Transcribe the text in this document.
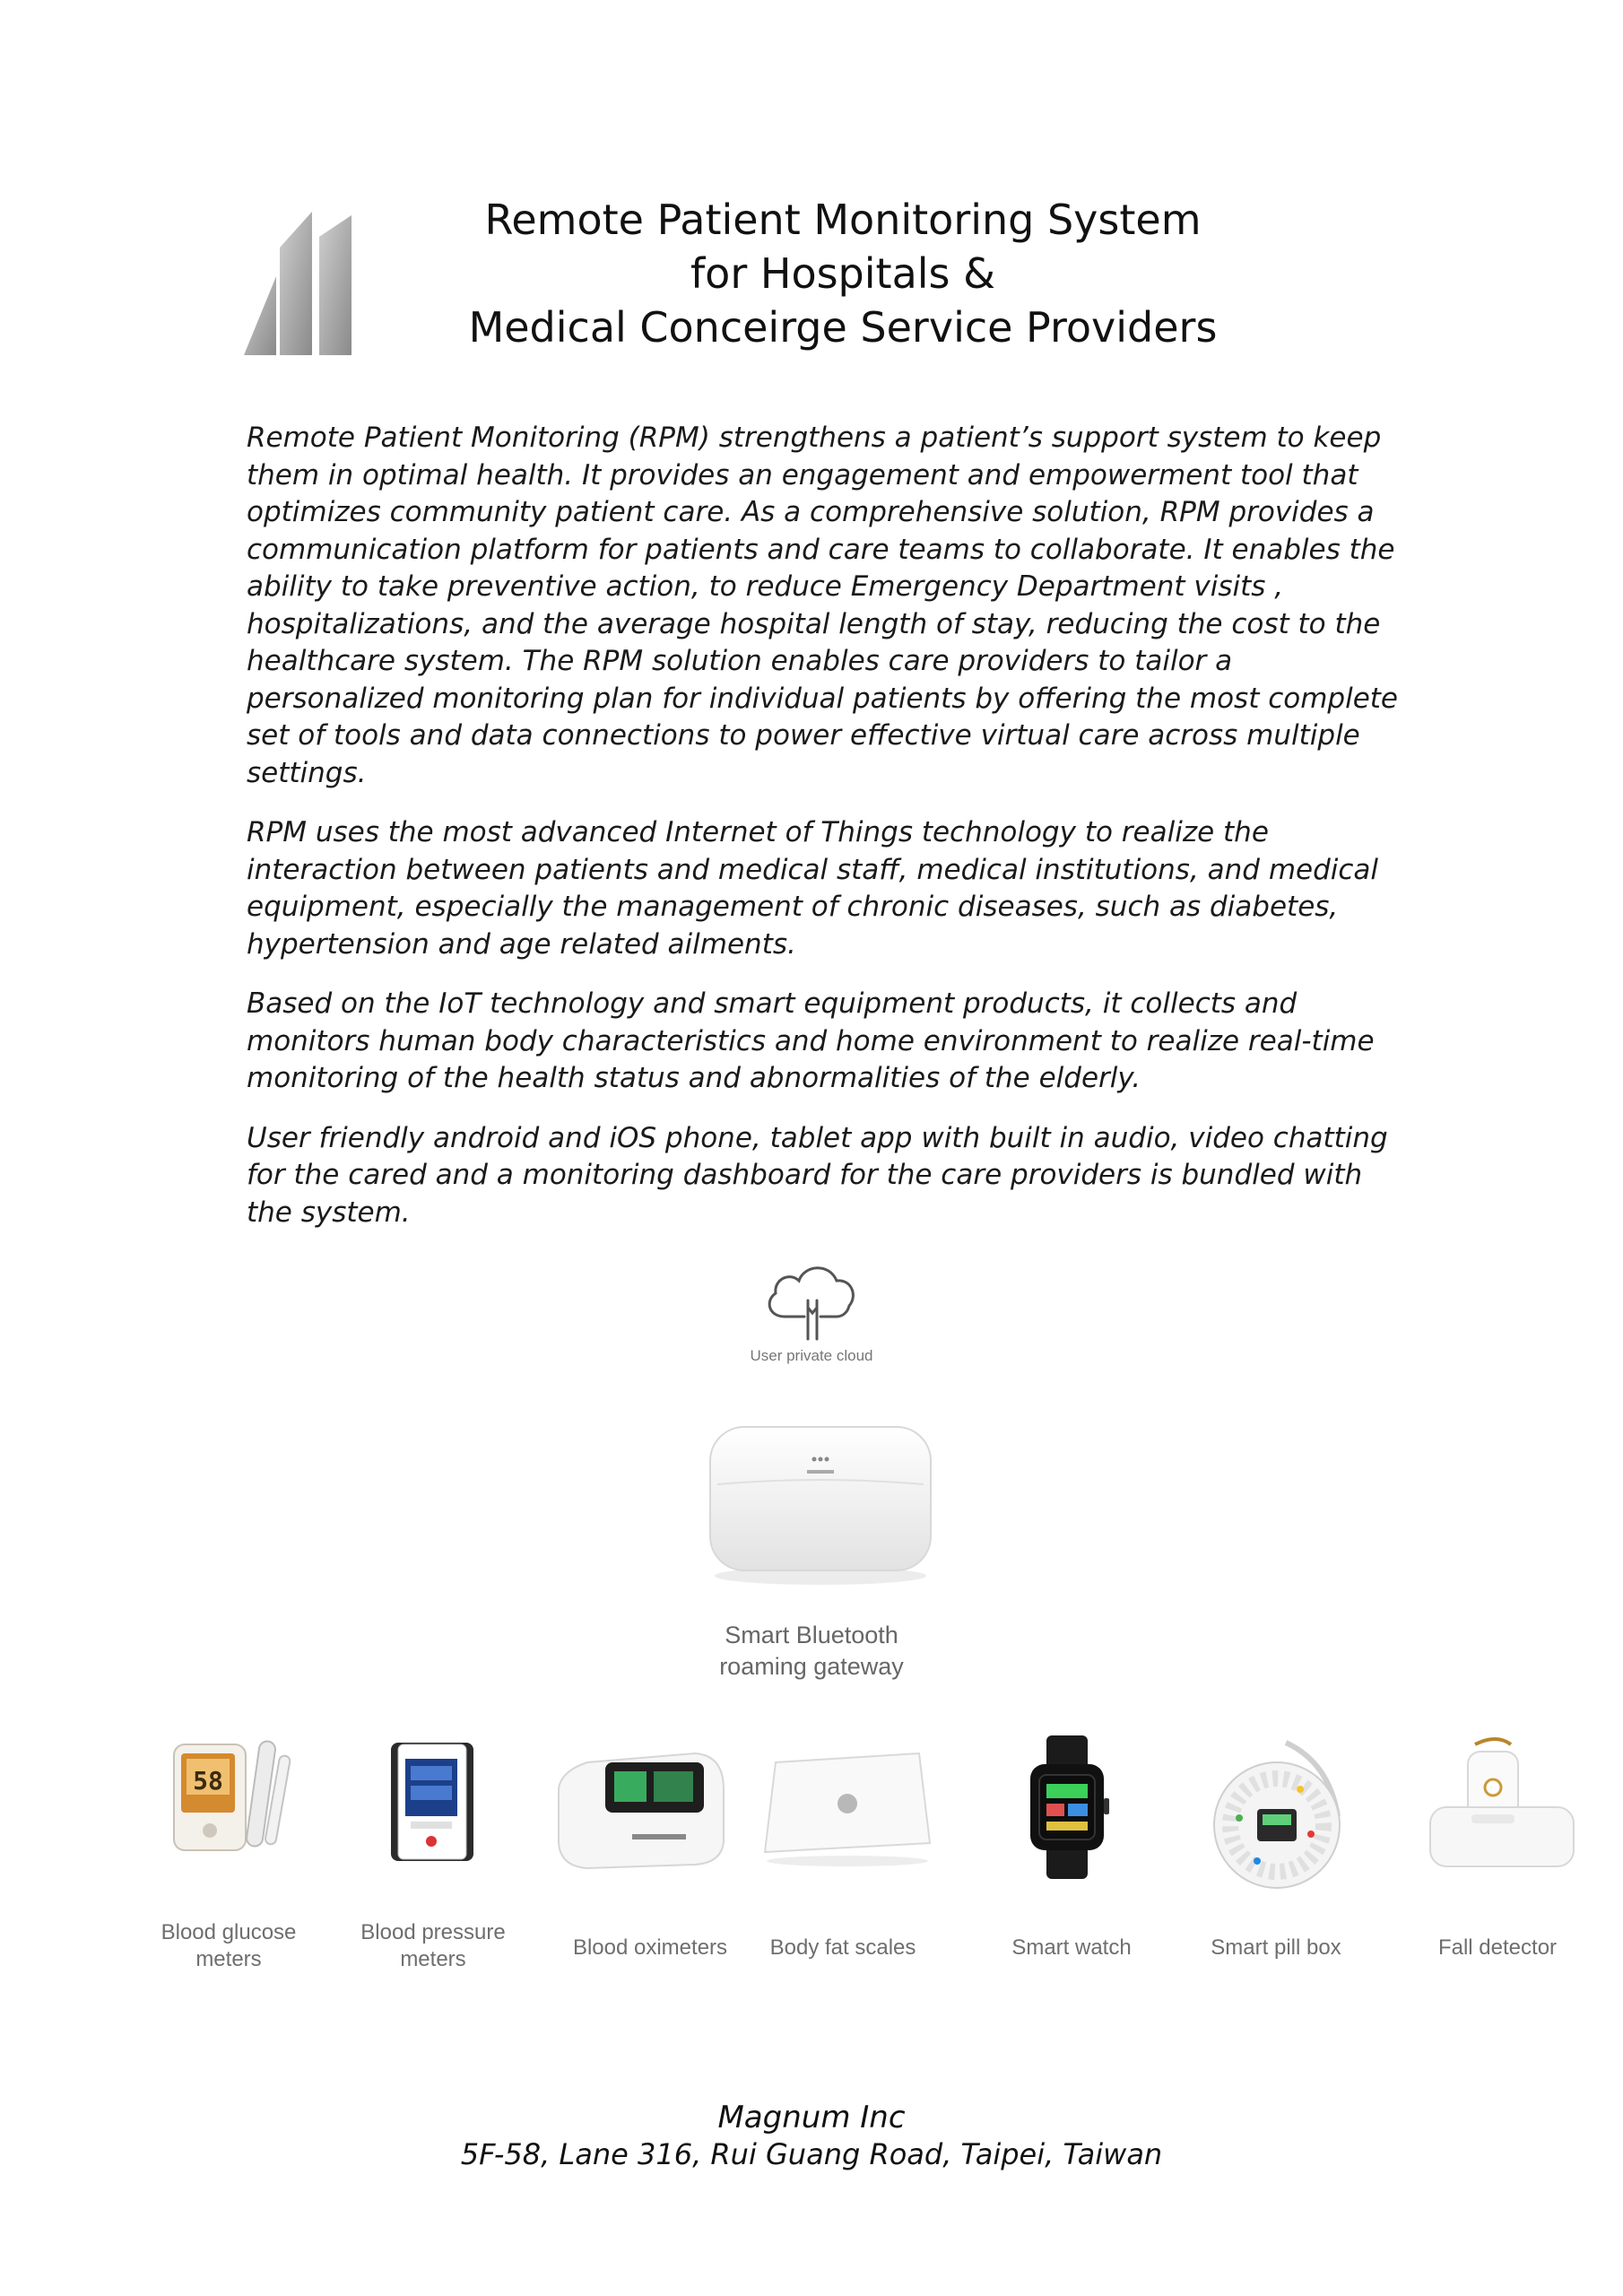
Remote Patient Monitoring System
for Hospitals &
Medical Conceirge Service Providers

Remote Patient Monitoring (RPM) strengthens a patient’s support system to keep them in optimal health. It provides an engagement and empowerment tool that optimizes community patient care. As a comprehensive solution, RPM provides a communication platform for patients and care teams to collaborate. It enables the ability to take preventive action, to reduce Emergency Department visits , hospitalizations, and the average hospital length of stay, reducing the cost to the healthcare system. The RPM solution enables care providers to tailor a personalized monitoring plan for individual patients by offering the most complete set of tools and data connections to power effective virtual care across multiple settings.

RPM uses the most advanced Internet of Things technology to realize the interaction between patients and medical staff, medical institutions, and medical equipment, especially the management of chronic diseases, such as diabetes, hypertension and age related ailments.

Based on the IoT technology and smart equipment products, it collects and monitors human body characteristics and home environment to realize real-time monitoring of the health status and abnormalities of the elderly.

User friendly android and iOS phone, tablet app with built in audio, video chatting for the cared and a monitoring dashboard for the care providers is bundled with the system.

User private cloud
Smart Bluetooth
roaming gateway
58
Blood glucose
meters
Blood pressure
meters	Blood oximeters	Body fat scales	Smart watch	Smart pill box	Fall detector
Magnum Inc
5F-58, Lane 316, Rui Guang Road, Taipei, Taiwan
